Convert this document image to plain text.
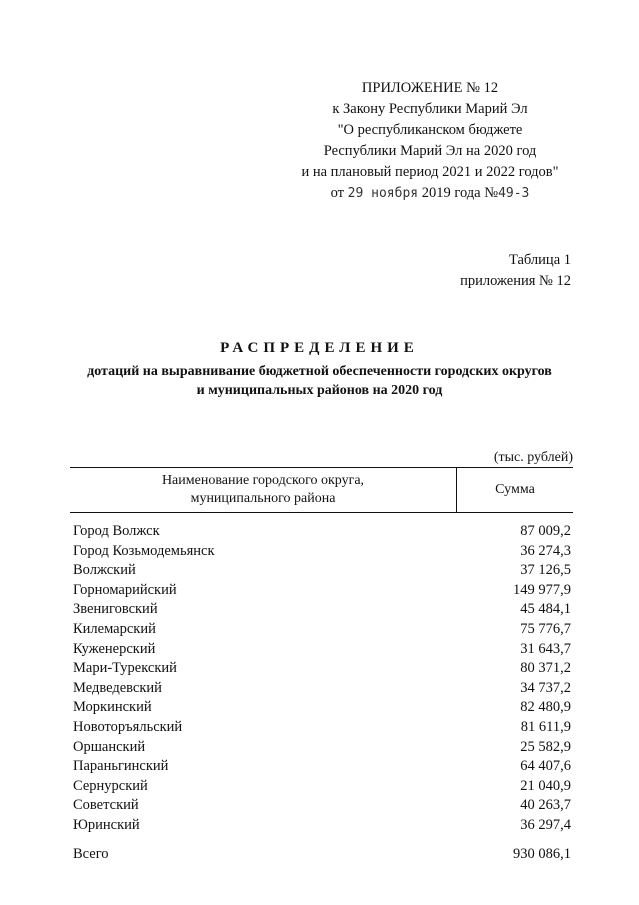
ПРИЛОЖЕНИЕ № 12
к Закону Республики Марий Эл
"О республиканском бюджете
Республики Марий Эл на 2020 год
и на плановый период 2021 и 2022 годов"
от 29 ноября 2019 года №49-З
Таблица 1
приложения № 12
РАСПРЕДЕЛЕНИЕ
дотаций на выравнивание бюджетной обеспеченности городских округов
и муниципальных районов на 2020 год
(тыс. рублей)
Наименование городского округа,
муниципального района
Сумма
Город Волжск	87 009,2
Город Козьмодемьянск	36 274,3
Волжский	37 126,5
Горномарийский	149 977,9
Звениговский	45 484,1
Килемарский	75 776,7
Куженерский	31 643,7
Мари-Турекский	80 371,2
Медведевский	34 737,2
Моркинский	82 480,9
Новоторъяльский	81 611,9
Оршанский	25 582,9
Параньгинский	64 407,6
Сернурский	21 040,9
Советский	40 263,7
Юринский	36 297,4
Всего	930 086,1
